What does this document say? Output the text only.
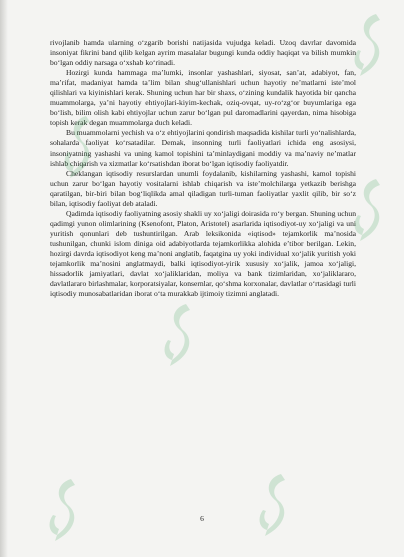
rivojlanib hamda ularning o‘zgarib borishi natijasida vujudga keladi. Uzoq davrlar davomida insoniyat fikrini band qilib kelgan ayrim masalalar bugungi kunda oddiy haqiqat va bilish mumkin bo‘lgan oddiy narsaga o‘xshab ko‘rinadi.

Hozirgi kunda hammaga ma’lumki, insonlar yashashlari, siyosat, san’at, adabiyot, fan, ma’rifat, madaniyat hamda ta’lim bilan shug‘ullanishlari uchun hayotiy ne’matlarni iste’mol qilishlari va kiyinishlari kerak. Shuning uchun har bir shaxs, o‘zining kundalik hayotida bir qancha muammolarga, ya’ni hayotiy ehtiyojlari-kiyim-kechak, oziq-ovqat, uy-ro‘zg‘or buyumlariga ega bo‘lish, bilim olish kabi ehtiyojlar uchun zarur bo‘lgan pul daromadlarini qayerdan, nima hisobiga topish kerak degan muammolarga duch keladi.

Bu muammolarni yechish va o‘z ehtiyojlarini qondirish maqsadida kishilar turli yo‘nalishlarda, sohalarda faoliyat ko‘rsatadilar. Demak, insonning turli faoliyatlari ichida eng asosiysi, insoniyatning yashashi va uning kamol topishini ta’minlaydigani moddiy va ma’naviy ne’matlar ishlab chiqarish va xizmatlar ko‘rsatishdan iborat bo‘lgan iqtisodiy faoliyatdir.

Cheklangan iqtisodiy resurslardan unumli foydalanib, kishilarning yashashi, kamol topishi uchun zarur bo‘lgan hayotiy vositalarni ishlab chiqarish va iste’molchilarga yetkazib berishga qaratilgan, bir-biri bilan bog‘liqlikda amal qiladigan turli-tuman faoliyatlar yaxlit qilib, bir so‘z bilan, iqtisodiy faoliyat deb ataladi.

Qadimda iqtisodiy faoliyatning asosiy shakli uy xo‘jaligi doirasida ro‘y bergan. Shuning uchun qadimgi yunon olimlarining (Ksenofont, Platon, Aristotel) asarlarida iqtisodiyot-uy xo‘jaligi va uni yuritish qonunlari deb tushuntirilgan. Arab leksikonida «iqtisod» tejamkorlik ma’nosida tushunilgan, chunki islom diniga oid adabiyotlarda tejamkorlikka alohida e’tibor berilgan. Lekin, hozirgi davrda iqtisodiyot keng ma’noni anglatib, faqatgina uy yoki individual xo‘jalik yuritish yoki tejamkorlik ma’nosini anglatmaydi, balki iqtisodiyot-yirik xususiy xo‘jalik, jamoa xo‘jaligi, hissadorlik jamiyatlari, davlat xo‘jaliklaridan, moliya va bank tizimlaridan, xo‘jaliklararo, davlatlararo birlashmalar, korporatsiyalar, konsernlar, qo‘shma korxonalar, davlatlar o‘rtasidagi turli iqtisodiy munosabatlaridan iborat o‘ta murakkab ijtimoiy tizimni anglatadi.

6
